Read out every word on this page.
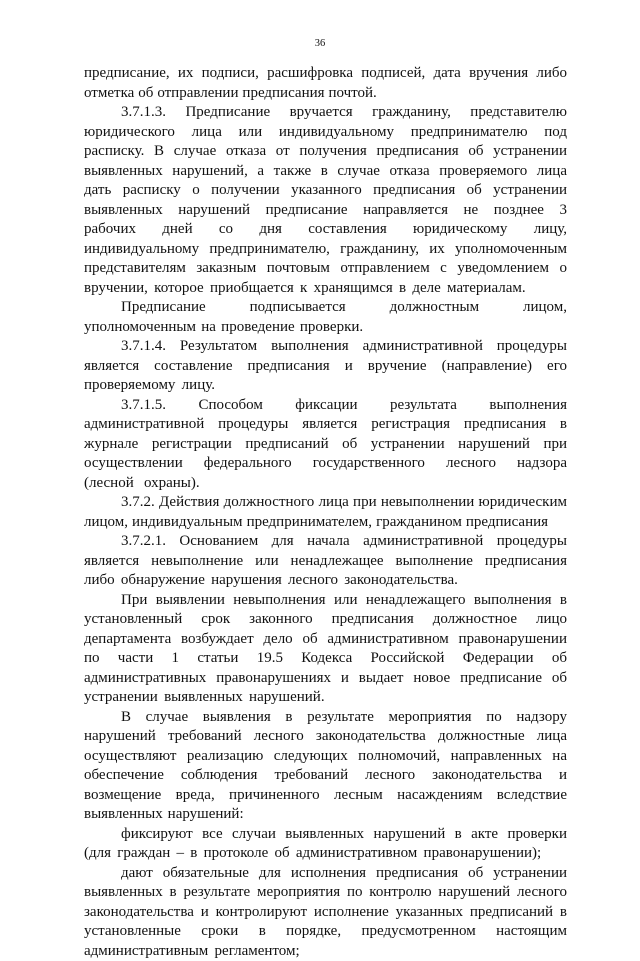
36

предписание, их подписи, расшифровка подписей, дата вручения либо отметка об отправлении предписания почтой.

3.7.1.3. Предписание вручается гражданину, представителю юридического лица или индивидуальному предпринимателю под расписку. В случае отказа от получения предписания об устранении выявленных нарушений, а также в случае отказа проверяемого лица дать расписку о получении указанного предписания об устранении выявленных нарушений предписание направляется не позднее 3 рабочих дней со дня составления юридическому лицу, индивидуальному предпринимателю, гражданину, их уполномоченным представителям заказным почтовым отправлением с уведомлением о вручении, которое приобщается к хранящимся в деле материалам.

Предписание подписывается должностным лицом, уполномоченным на проведение проверки.

3.7.1.4. Результатом выполнения административной процедуры является составление предписания и вручение (направление) его проверяемому лицу.

3.7.1.5. Способом фиксации результата выполнения административной процедуры является регистрация предписания в журнале регистрации предписаний об устранении нарушений при осуществлении федерального государственного лесного надзора (лесной охраны).

3.7.2. Действия должностного лица при невыполнении юридическим лицом, индивидуальным предпринимателем, гражданином предписания

3.7.2.1. Основанием для начала административной процедуры является невыполнение или ненадлежащее выполнение предписания либо обнаружение нарушения лесного законодательства.

При выявлении невыполнения или ненадлежащего выполнения в установленный срок законного предписания должностное лицо департамента возбуждает дело об административном правонарушении по части 1 статьи 19.5 Кодекса Российской Федерации об административных правонарушениях и выдает новое предписание об устранении выявленных нарушений.

В случае выявления в результате мероприятия по надзору нарушений требований лесного законодательства должностные лица осуществляют реализацию следующих полномочий, направленных на обеспечение соблюдения требований лесного законодательства и возмещение вреда, причиненного лесным насаждениям вследствие выявленных нарушений:

фиксируют все случаи выявленных нарушений в акте проверки (для граждан – в протоколе об административном правонарушении);

дают обязательные для исполнения предписания об устранении выявленных в результате мероприятия по контролю нарушений лесного законодательства и контролируют исполнение указанных предписаний в установленные сроки в порядке, предусмотренном настоящим административным регламентом;
